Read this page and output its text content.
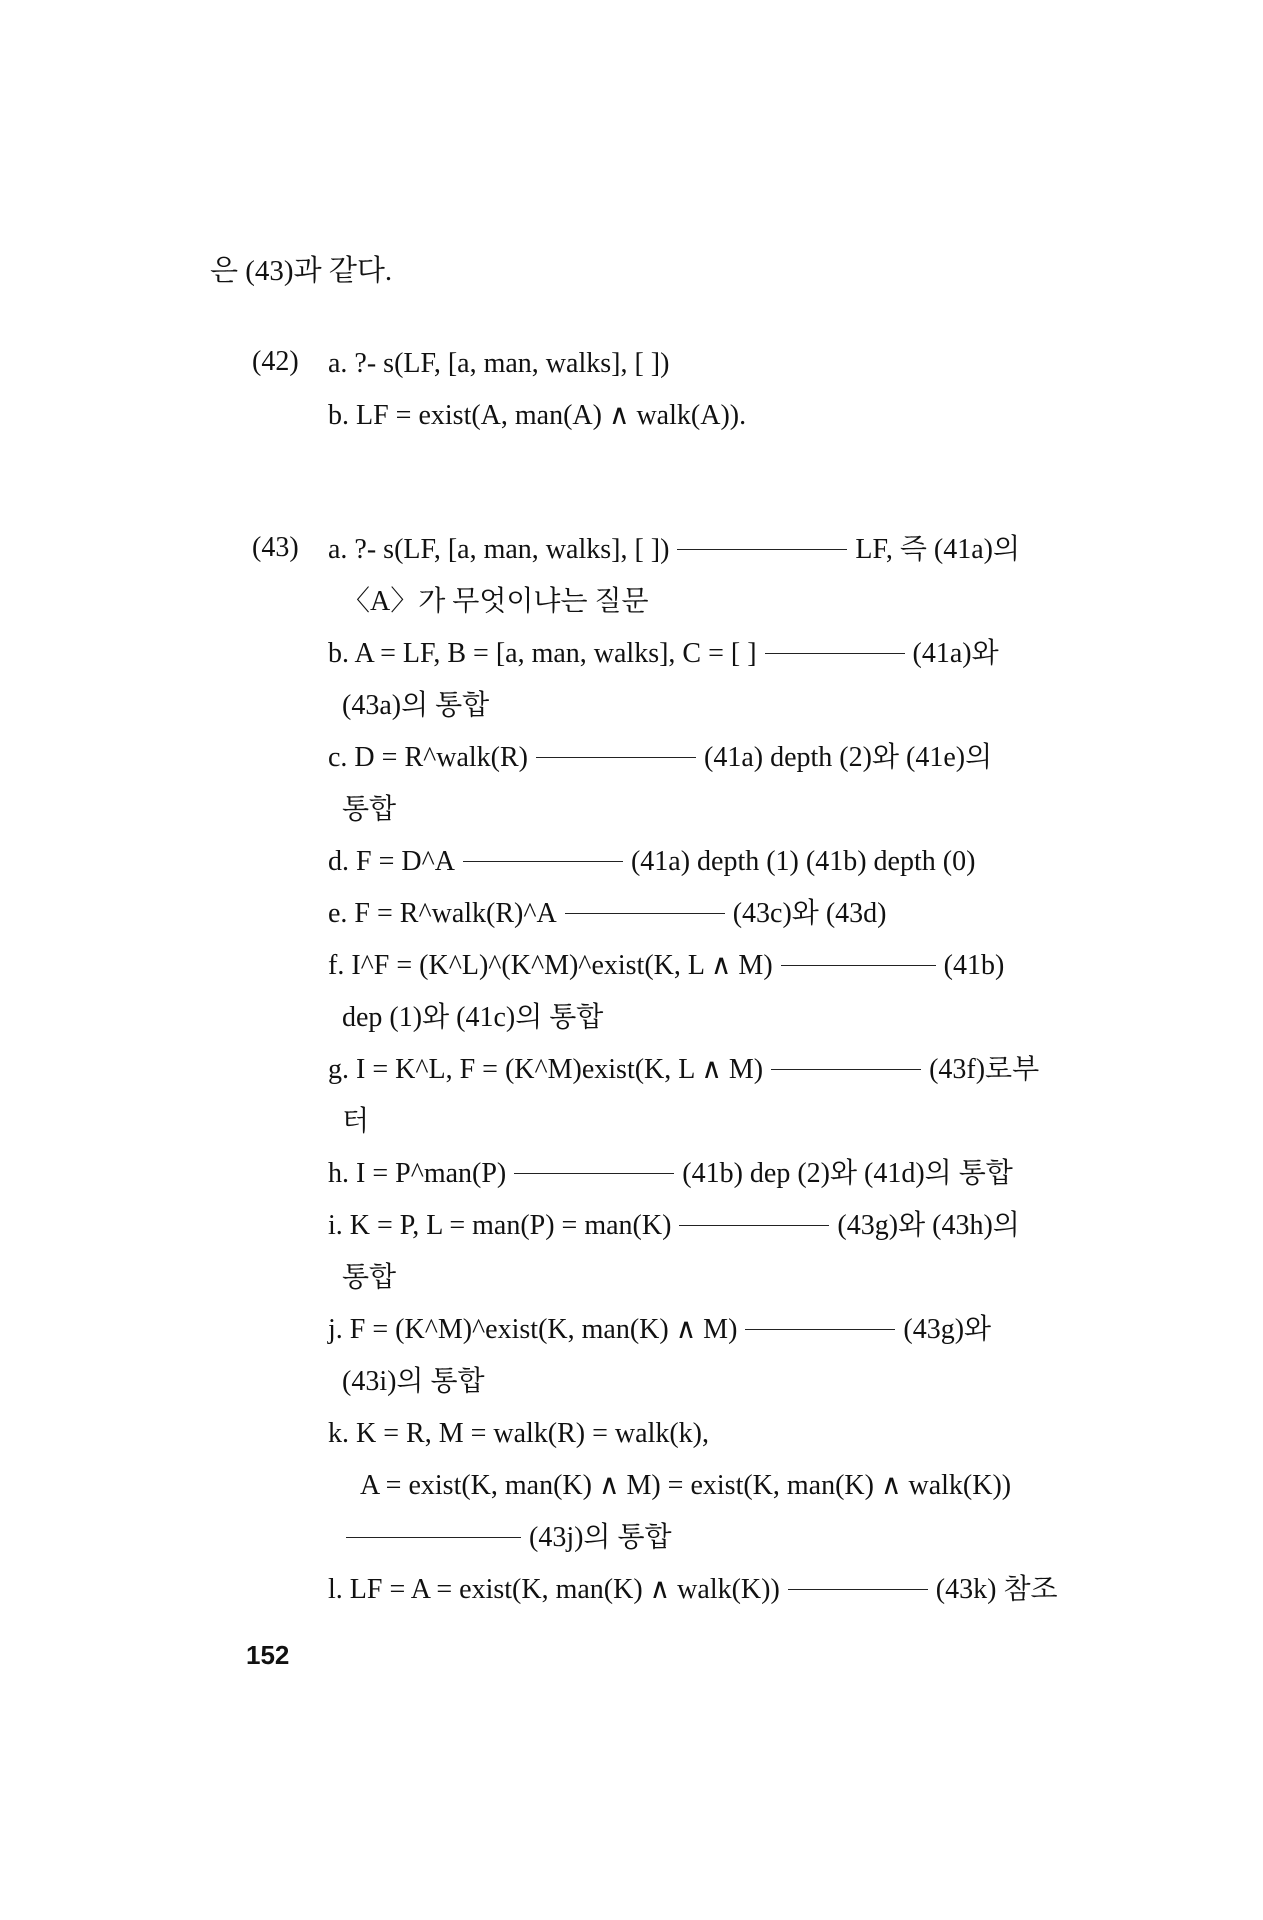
은 (43)과 같다.
(42) a. ?- s(LF, [a, man, walks], [ ])
b. LF = exist(A, man(A) ∧ walk(A)).
(43) a. ?- s(LF, [a, man, walks], [ ])	LF, 즉 (41a)의
〈A〉가 무엇이냐는 질문
b. A = LF, B = [a, man, walks], C = [ ]	(41a)와
(43a)의 통합
c. D = R^walk(R)	(41a) depth (2)와 (41e)의
통합
d. F = D^A	(41a) depth (1) (41b) depth (0)
e. F = R^walk(R)^A	(43c)와 (43d)
f. I^F = (K^L)^(K^M)^exist(K, L ∧ M)	(41b)
dep (1)와 (41c)의 통합
g. I = K^L, F = (K^M)exist(K, L ∧ M)	(43f)로부
터
h. I = P^man(P)	(41b) dep (2)와 (41d)의 통합
i. K = P, L = man(P) = man(K)	(43g)와 (43h)의
통합
j. F = (K^M)^exist(K, man(K) ∧ M)	(43g)와
(43i)의 통합
k. K = R, M = walk(R) = walk(k),
A = exist(K, man(K) ∧ M) = exist(K, man(K) ∧ walk(K))
(43j)의 통합
l. LF = A = exist(K, man(K) ∧ walk(K))	(43k) 참조
152
